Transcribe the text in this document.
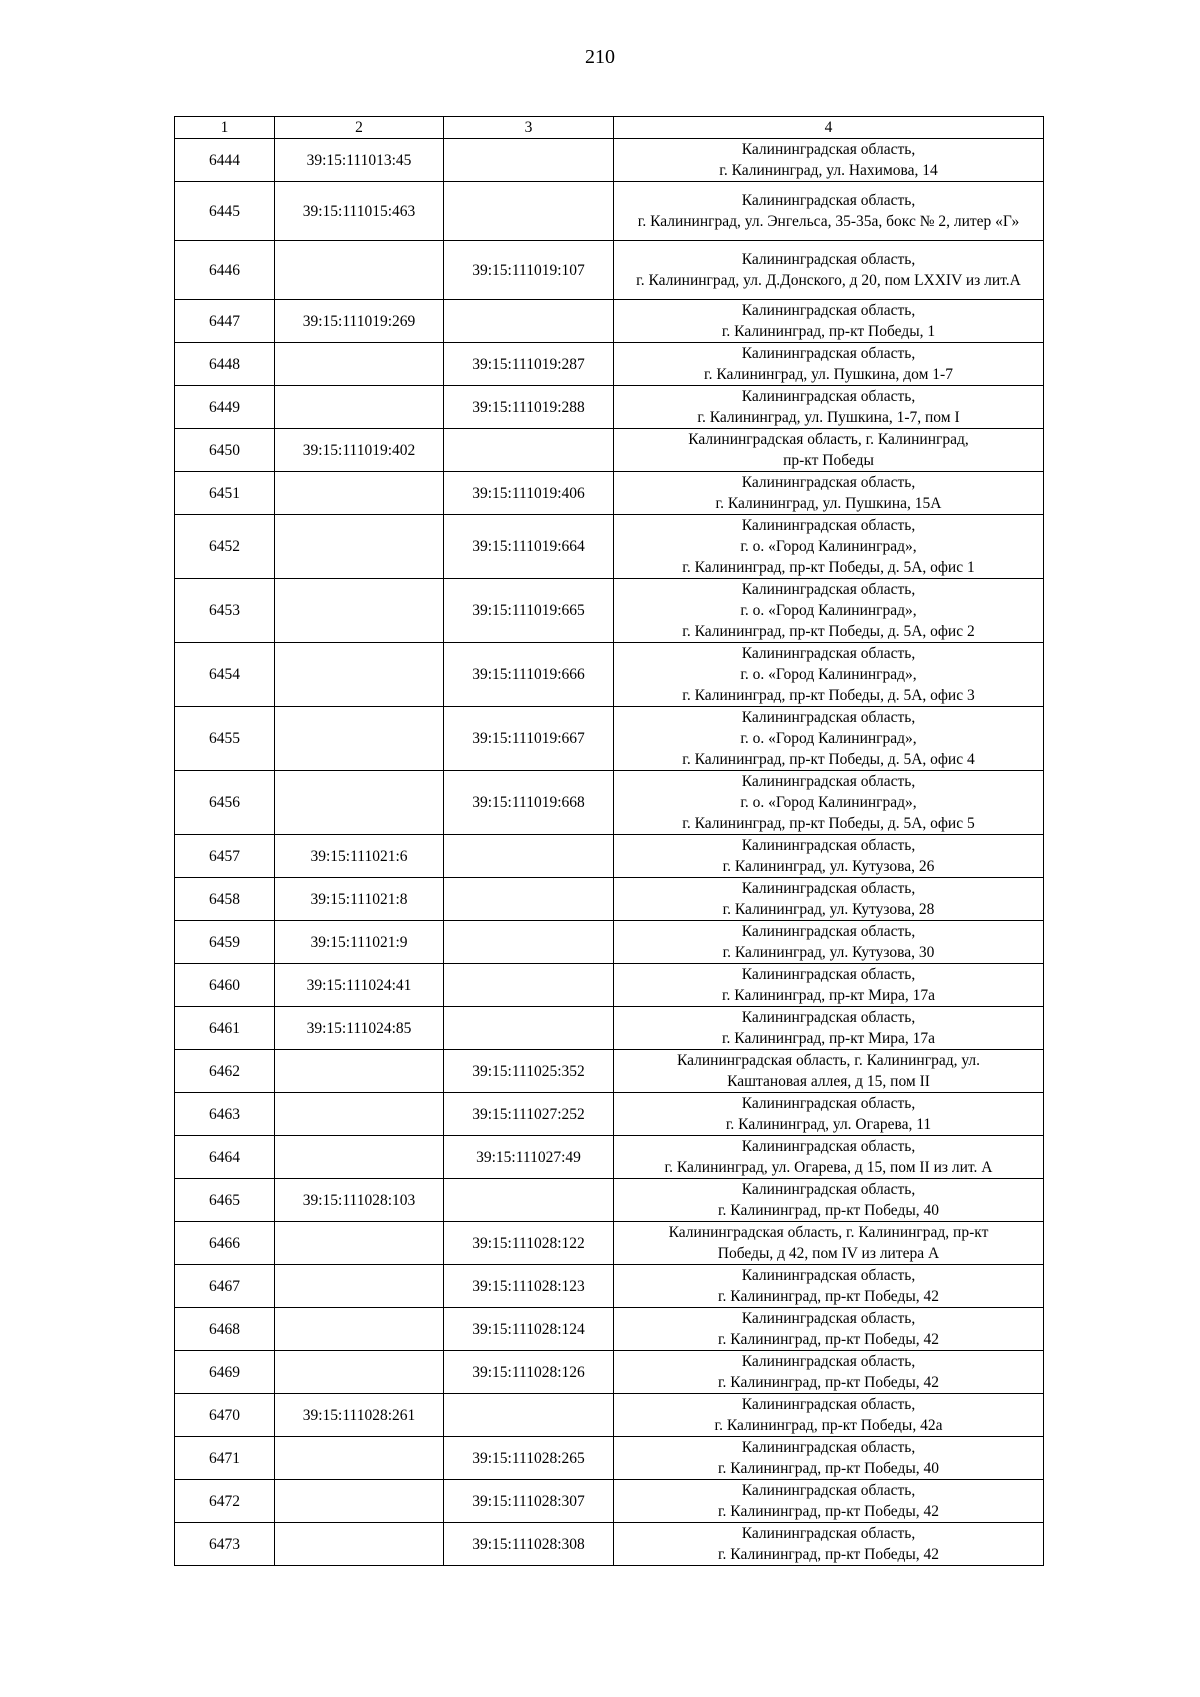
210
1	2	3	4
6444	39:15:111013:45		Калининградская область,
г. Калининград, ул. Нахимова, 14
6445	39:15:111015:463		Калининградская область,
г. Калининград, ул. Энгельса, 35-35а, бокс № 2, литер «Г»
6446		39:15:111019:107	Калининградская область,
г. Калининград, ул. Д.Донского, д 20, пом LXXIV из лит.А
6447	39:15:111019:269		Калининградская область,
г. Калининград, пр-кт Победы, 1
6448		39:15:111019:287	Калининградская область,
г. Калининград, ул. Пушкина, дом 1-7
6449		39:15:111019:288	Калининградская область,
г. Калининград, ул. Пушкина, 1-7, пом I
6450	39:15:111019:402		Калининградская область, г. Калининград,
пр-кт Победы
6451		39:15:111019:406	Калининградская область,
г. Калининград, ул. Пушкина, 15А
6452		39:15:111019:664	Калининградская область,
г. о. «Город Калининград»,
г. Калининград, пр-кт Победы, д. 5А, офис 1
6453		39:15:111019:665	Калининградская область,
г. о. «Город Калининград»,
г. Калининград, пр-кт Победы, д. 5А, офис 2
6454		39:15:111019:666	Калининградская область,
г. о. «Город Калининград»,
г. Калининград, пр-кт Победы, д. 5А, офис 3
6455		39:15:111019:667	Калининградская область,
г. о. «Город Калининград»,
г. Калининград, пр-кт Победы, д. 5А, офис 4
6456		39:15:111019:668	Калининградская область,
г. о. «Город Калининград»,
г. Калининград, пр-кт Победы, д. 5А, офис 5
6457	39:15:111021:6		Калининградская область,
г. Калининград, ул. Кутузова, 26
6458	39:15:111021:8		Калининградская область,
г. Калининград, ул. Кутузова, 28
6459	39:15:111021:9		Калининградская область,
г. Калининград, ул. Кутузова, 30
6460	39:15:111024:41		Калининградская область,
г. Калининград, пр-кт Мира, 17а
6461	39:15:111024:85		Калининградская область,
г. Калининград, пр-кт Мира, 17а
6462		39:15:111025:352	Калининградская область, г. Калининград, ул.
Каштановая аллея, д 15, пом II
6463		39:15:111027:252	Калининградская область,
г. Калининград, ул. Огарева, 11
6464		39:15:111027:49	Калининградская область,
г. Калининград, ул. Огарева, д 15, пом II из лит. А
6465	39:15:111028:103		Калининградская область,
г. Калининград, пр-кт Победы, 40
6466		39:15:111028:122	Калининградская область, г. Калининград, пр-кт
Победы, д 42, пом IV из литера А
6467		39:15:111028:123	Калининградская область,
г. Калининград, пр-кт Победы, 42
6468		39:15:111028:124	Калининградская область,
г. Калининград, пр-кт Победы, 42
6469		39:15:111028:126	Калининградская область,
г. Калининград, пр-кт Победы, 42
6470	39:15:111028:261		Калининградская область,
г. Калининград, пр-кт Победы, 42а
6471		39:15:111028:265	Калининградская область,
г. Калининград, пр-кт Победы, 40
6472		39:15:111028:307	Калининградская область,
г. Калининград, пр-кт Победы, 42
6473		39:15:111028:308	Калининградская область,
г. Калининград, пр-кт Победы, 42
